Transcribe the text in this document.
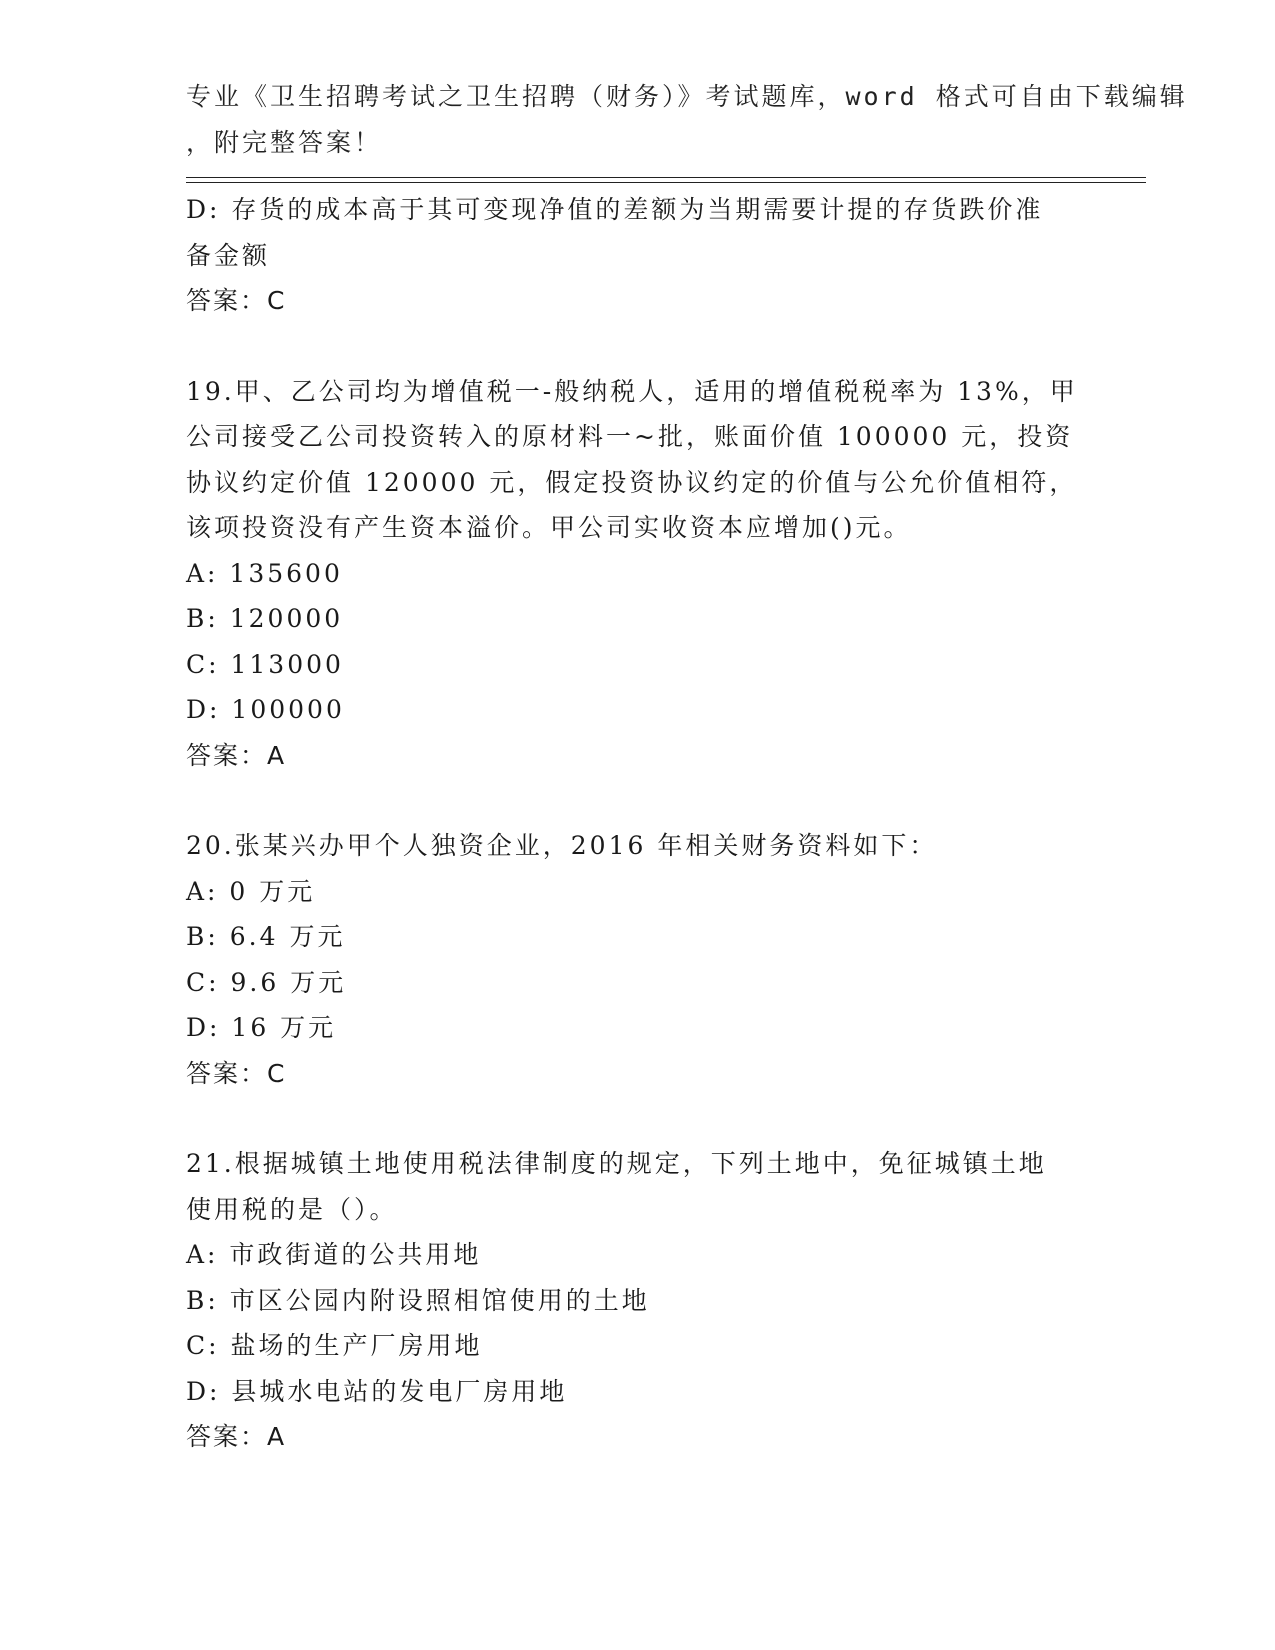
专业《卫生招聘考试之卫生招聘（财务）》考试题库，word 格式可自由下载编辑
，附完整答案！
D: 存货的成本高于其可变现净值的差额为当期需要计提的存货跌价准
备金额
答案：C
19.甲、乙公司均为增值税一-般纳税人，适用的增值税税率为 13%，甲
公司接受乙公司投资转入的原材料一~批，账面价值 100000 元，投资
协议约定价值 120000 元，假定投资协议约定的价值与公允价值相符，
该项投资没有产生资本溢价。甲公司实收资本应增加()元。
A: 135600
B: 120000
C: 113000
D: 100000
答案：A
20.张某兴办甲个人独资企业，2016 年相关财务资料如下：
A: 0 万元
B: 6.4 万元
C: 9.6 万元
D: 16 万元
答案：C
21.根据城镇土地使用税法律制度的规定，下列土地中，免征城镇土地
使用税的是（）。
A: 市政街道的公共用地
B: 市区公园内附设照相馆使用的土地
C: 盐场的生产厂房用地
D: 县城水电站的发电厂房用地
答案：A
